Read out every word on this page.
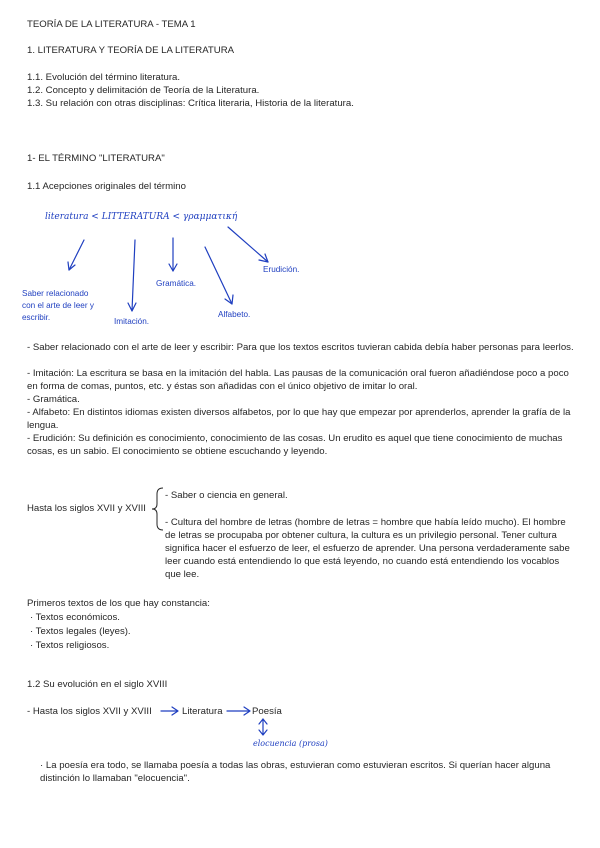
TEORÍA DE LA LITERATURA - TEMA 1
1. LITERATURA Y TEORÍA DE LA LITERATURA
1.1. Evolución del término literatura.
1.2. Concepto y delimitación de Teoría de la Literatura.
1.3. Su relación con otras disciplinas: Crítica literaria, Historia de la literatura.
1- EL TÉRMINO "LITERATURA"
1.1 Acepciones originales del término
literatura < LITTERATURA < γραμματική
Saber relacionado con el arte de leer y escribir.	Imitación.
Gramática.
Alfabeto.
Erudición.
- Saber relacionado con el arte de leer y escribir: Para que los textos escritos tuvieran cabida debía haber personas para leerlos.
- Imitación: La escritura se basa en la imitación del habla. Las pausas de la comunicación oral fueron añadiéndose poco a poco en forma de comas, puntos, etc. y éstas son añadidas con el único objetivo de imitar lo oral.
- Gramática.
- Alfabeto: En distintos idiomas existen diversos alfabetos, por lo que hay que empezar por aprenderlos, aprender la grafía de la lengua.
- Erudición: Su definición es conocimiento, conocimiento de las cosas. Un erudito es aquel que tiene conocimiento de muchas cosas, es un sabio. El conocimiento se obtiene escuchando y leyendo.
Hasta los siglos XVII y XVIII
- Saber o ciencia en general.
- Cultura del hombre de letras (hombre de letras = hombre que había leído mucho). El hombre de letras se procupaba por obtener cultura, la cultura es un privilegio personal. Tener cultura significa hacer el esfuerzo de leer, el esfuerzo de aprender. Una persona verdaderamente sabe leer cuando está entendiendo lo que está leyendo, no cuando está entendiendo los vocablos que lee.
Primeros textos de los que hay constancia:
· Textos económicos.
· Textos legales (leyes).
· Textos religiosos.
1.2 Su evolución en el siglo XVIII
- Hasta los siglos XVII y XVIII	Literatura	Poesía
elocuencia (prosa)
· La poesía era todo, se llamaba poesía a todas las obras, estuvieran como estuvieran escritos. Si querían hacer alguna distinción lo llamaban "elocuencia".
